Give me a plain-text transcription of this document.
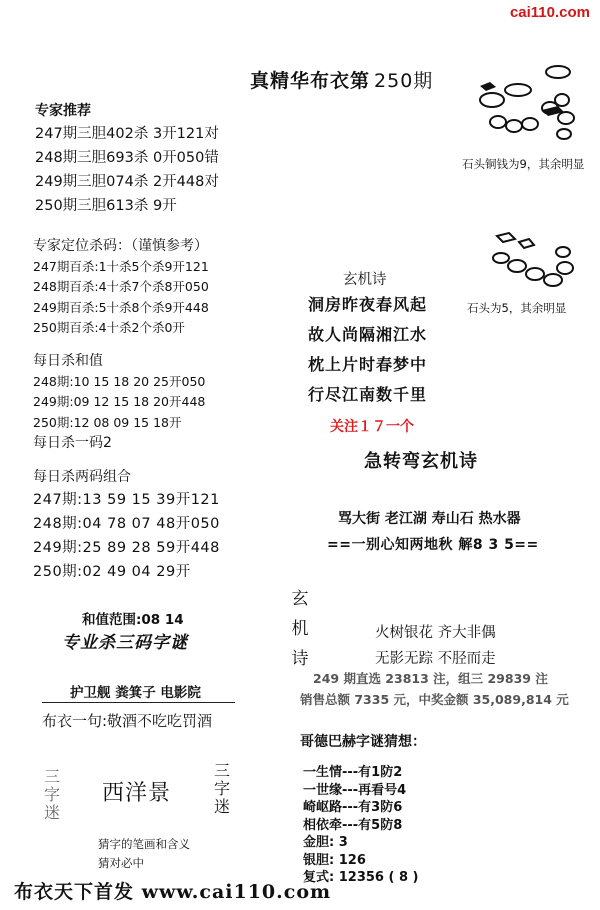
cai110.com
真精华布衣第 250期
专家推荐
247期三胆402杀 3开121对
248期三胆693杀 0开050错
249期三胆074杀 2开448对
250期三胆613杀 9开
专家定位杀码：（谨慎参考）
247期百杀:1十杀5个杀9开121
248期百杀:4十杀7个杀8开050
249期百杀:5十杀8个杀9开448
250期百杀:4十杀2个杀0开
每日杀和值
248期:10 15 18 20 25开050
249期:09 12 15 18 20开448
250期:12 08 09 15 18开
每日杀一码2
每日杀两码组合
247期:13 59 15 39开121
248期:04 78 07 48开050
249期:25 89 28 59开448
250期:02 49 04 29开
和值范围:08 14
专业杀三码字谜
护卫舰 粪箕子 电影院
布衣一句:敬酒不吃吃罚酒
三字迷
西洋景
三字迷
猜字的笔画和含义
猜对必中
石头铜钱为9，其余明显
石头为5，其余明显
玄机诗
洞房昨夜春风起
故人尚隔湘江水
枕上片时春梦中
行尽江南数千里
关注１７一个
急转弯玄机诗
骂大街 老江湖 寿山石 热水器
==一别心知两地秋 解8 3 5==
玄机诗
火树银花 齐大非偶
无影无踪 不胫而走
249 期直选 23813 注，组三 29839 注
销售总额 7335 元，中奖金额 35,089,814 元
哥德巴赫字谜猜想：
一生情---有1防2
一世缘---再看号4
崎岖路---有3防6
相依牵---有5防8
金胆: 3
银胆: 126
复式: 12356 ( 8 )
布衣天下首发 www.cai110.com
